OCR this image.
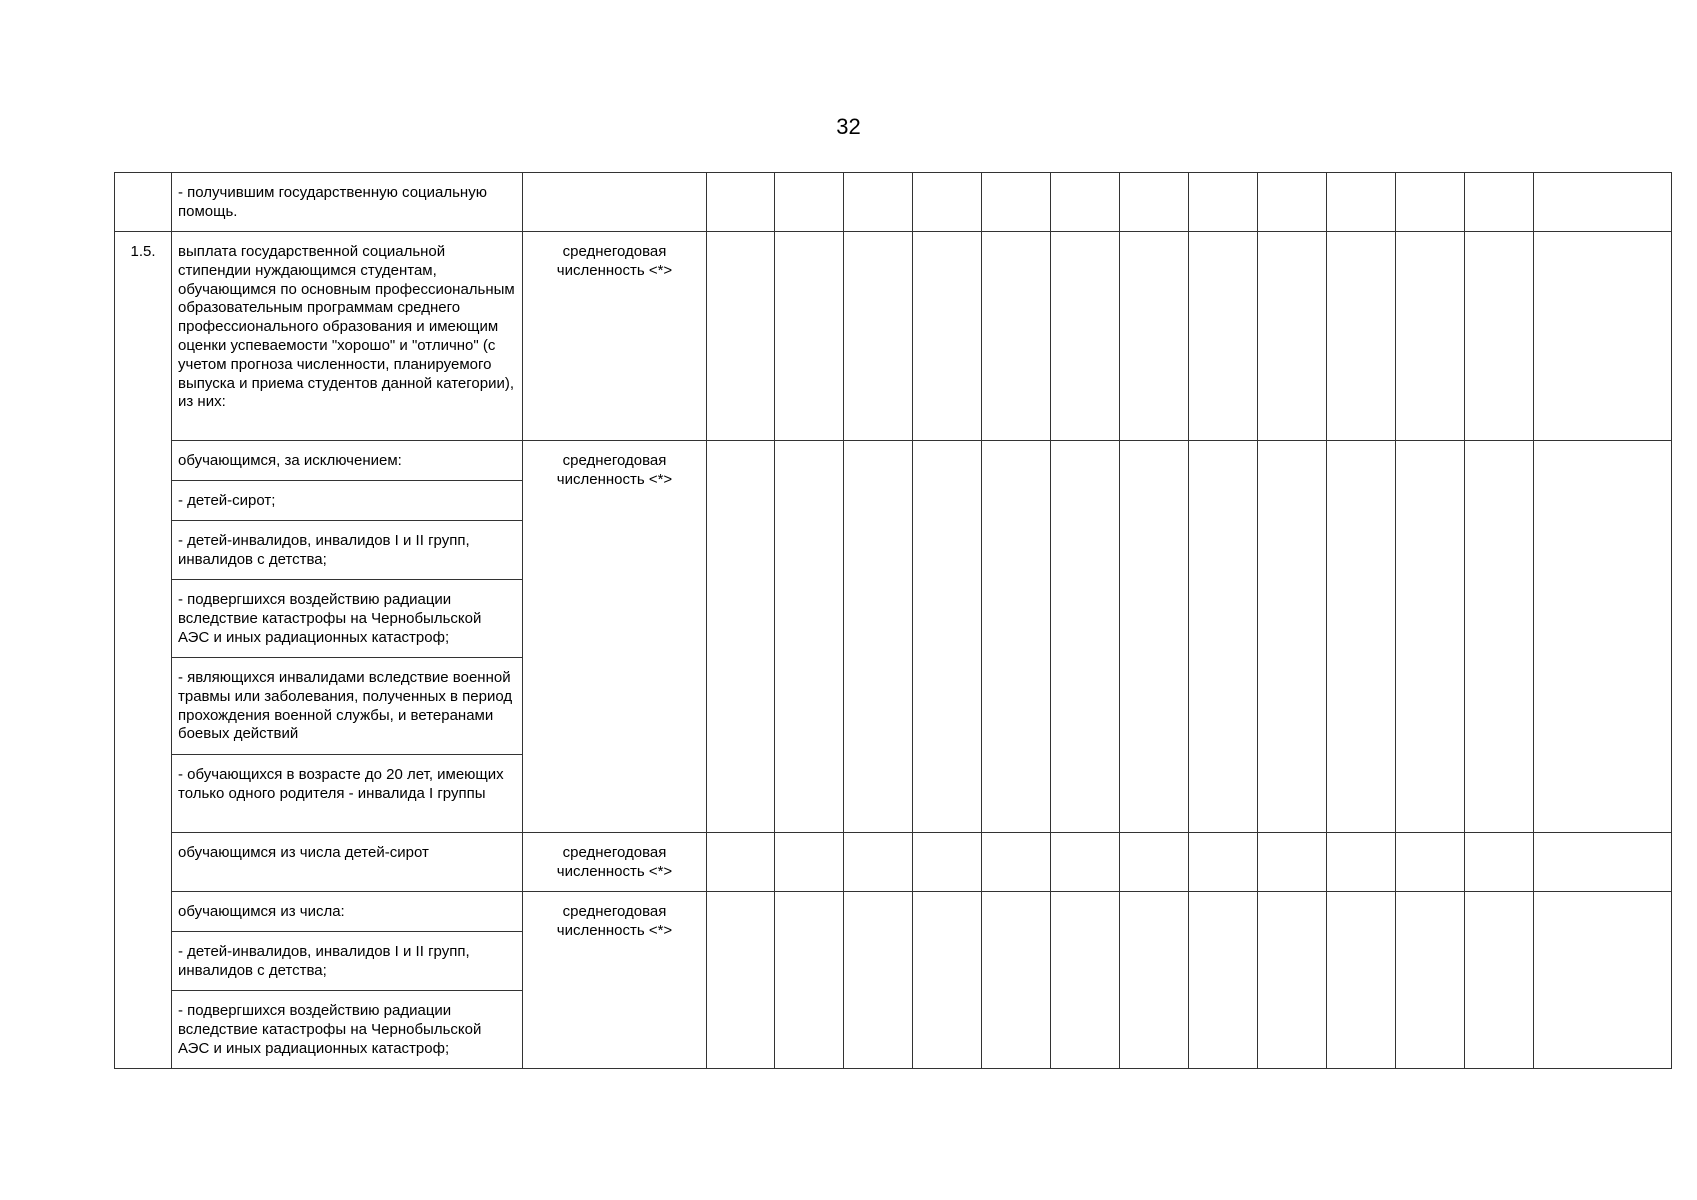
32
	- получившим государственную социальную помощь.														
1.5.	выплата государственной социальной стипендии нуждающимся студентам, обучающимся по основным профессиональным образовательным программам среднего профессионального образования и имеющим оценки успеваемости "хорошо" и "отлично" (с учетом прогноза численности, планируемого выпуска и приема студентов данной категории), из них:	среднегодовая
численность <*>													
	обучающимся, за исключением:	среднегодовая
численность <*>													
	- детей-сирот;														
	- детей-инвалидов, инвалидов I и II групп, инвалидов с детства;														
	- подвергшихся воздействию радиации вследствие катастрофы на Чернобыльской АЭС и иных радиационных катастроф;														
	- являющихся инвалидами вследствие военной травмы или заболевания, полученных в период прохождения военной службы, и ветеранами боевых действий														
	- обучающихся в возрасте до 20 лет, имеющих только одного родителя - инвалида I группы														
	обучающимся из числа детей-сирот	среднегодовая
численность <*>													
	обучающимся из числа:	среднегодовая
численность <*>													
	- детей-инвалидов, инвалидов I и II групп, инвалидов с детства;														
	- подвергшихся воздействию радиации вследствие катастрофы на Чернобыльской АЭС и иных радиационных катастроф;														
